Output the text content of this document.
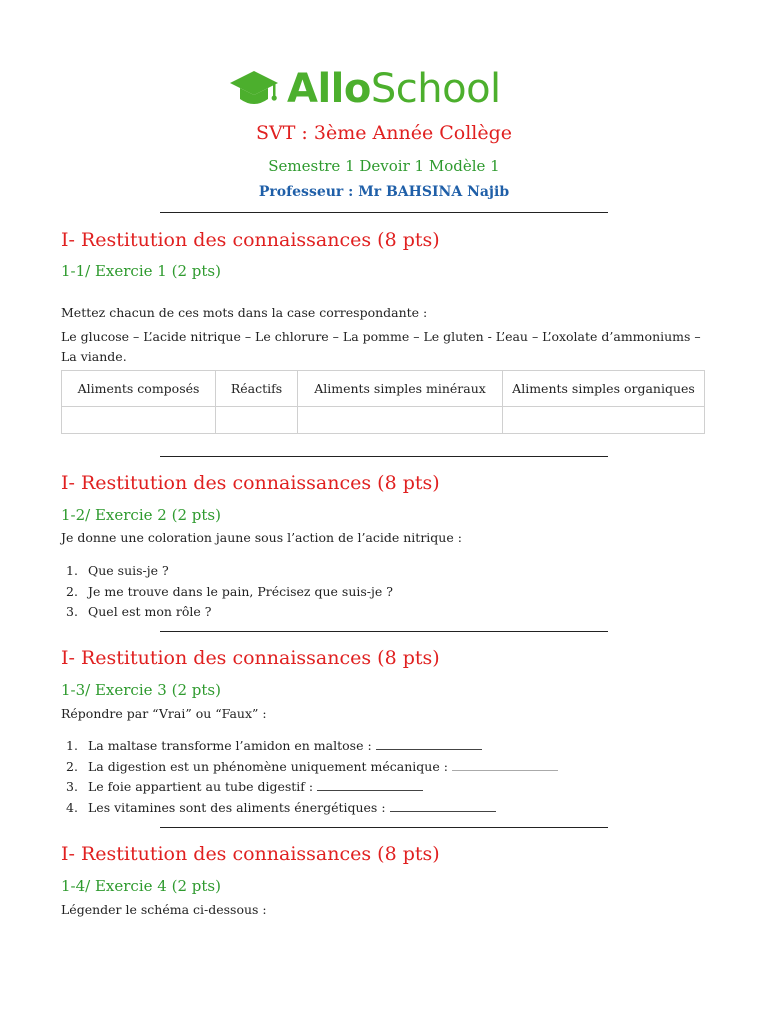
AlloSchool
SVT : 3ème Année Collège
Semestre 1 Devoir 1 Modèle 1
Professeur : Mr BAHSINA Najib
I- Restitution des connaissances (8 pts)
1-1/ Exercie 1 (2 pts)
Mettez chacun de ces mots dans la case correspondante :
Le glucose – L’acide nitrique – Le chlorure – La pomme – Le gluten - L’eau – L’oxolate d’ammoniums – La viande.
Aliments composés	Réactifs	Aliments simples minéraux	Aliments simples organiques

I- Restitution des connaissances (8 pts)
1-2/ Exercie 2 (2 pts)
Je donne une coloration jaune sous l’action de l’acide nitrique :
1. Que suis-je ?
2. Je me trouve dans le pain, Précisez que suis-je ?
3. Quel est mon rôle ?
I- Restitution des connaissances (8 pts)
1-3/ Exercie 3 (2 pts)
Répondre par “Vrai” ou “Faux” :
1. La maltase transforme l’amidon en maltose :
2. La digestion est un phénomène uniquement mécanique :
3. Le foie appartient au tube digestif :
4. Les vitamines sont des aliments énergétiques :
I- Restitution des connaissances (8 pts)
1-4/ Exercie 4 (2 pts)
Légender le schéma ci-dessous :
